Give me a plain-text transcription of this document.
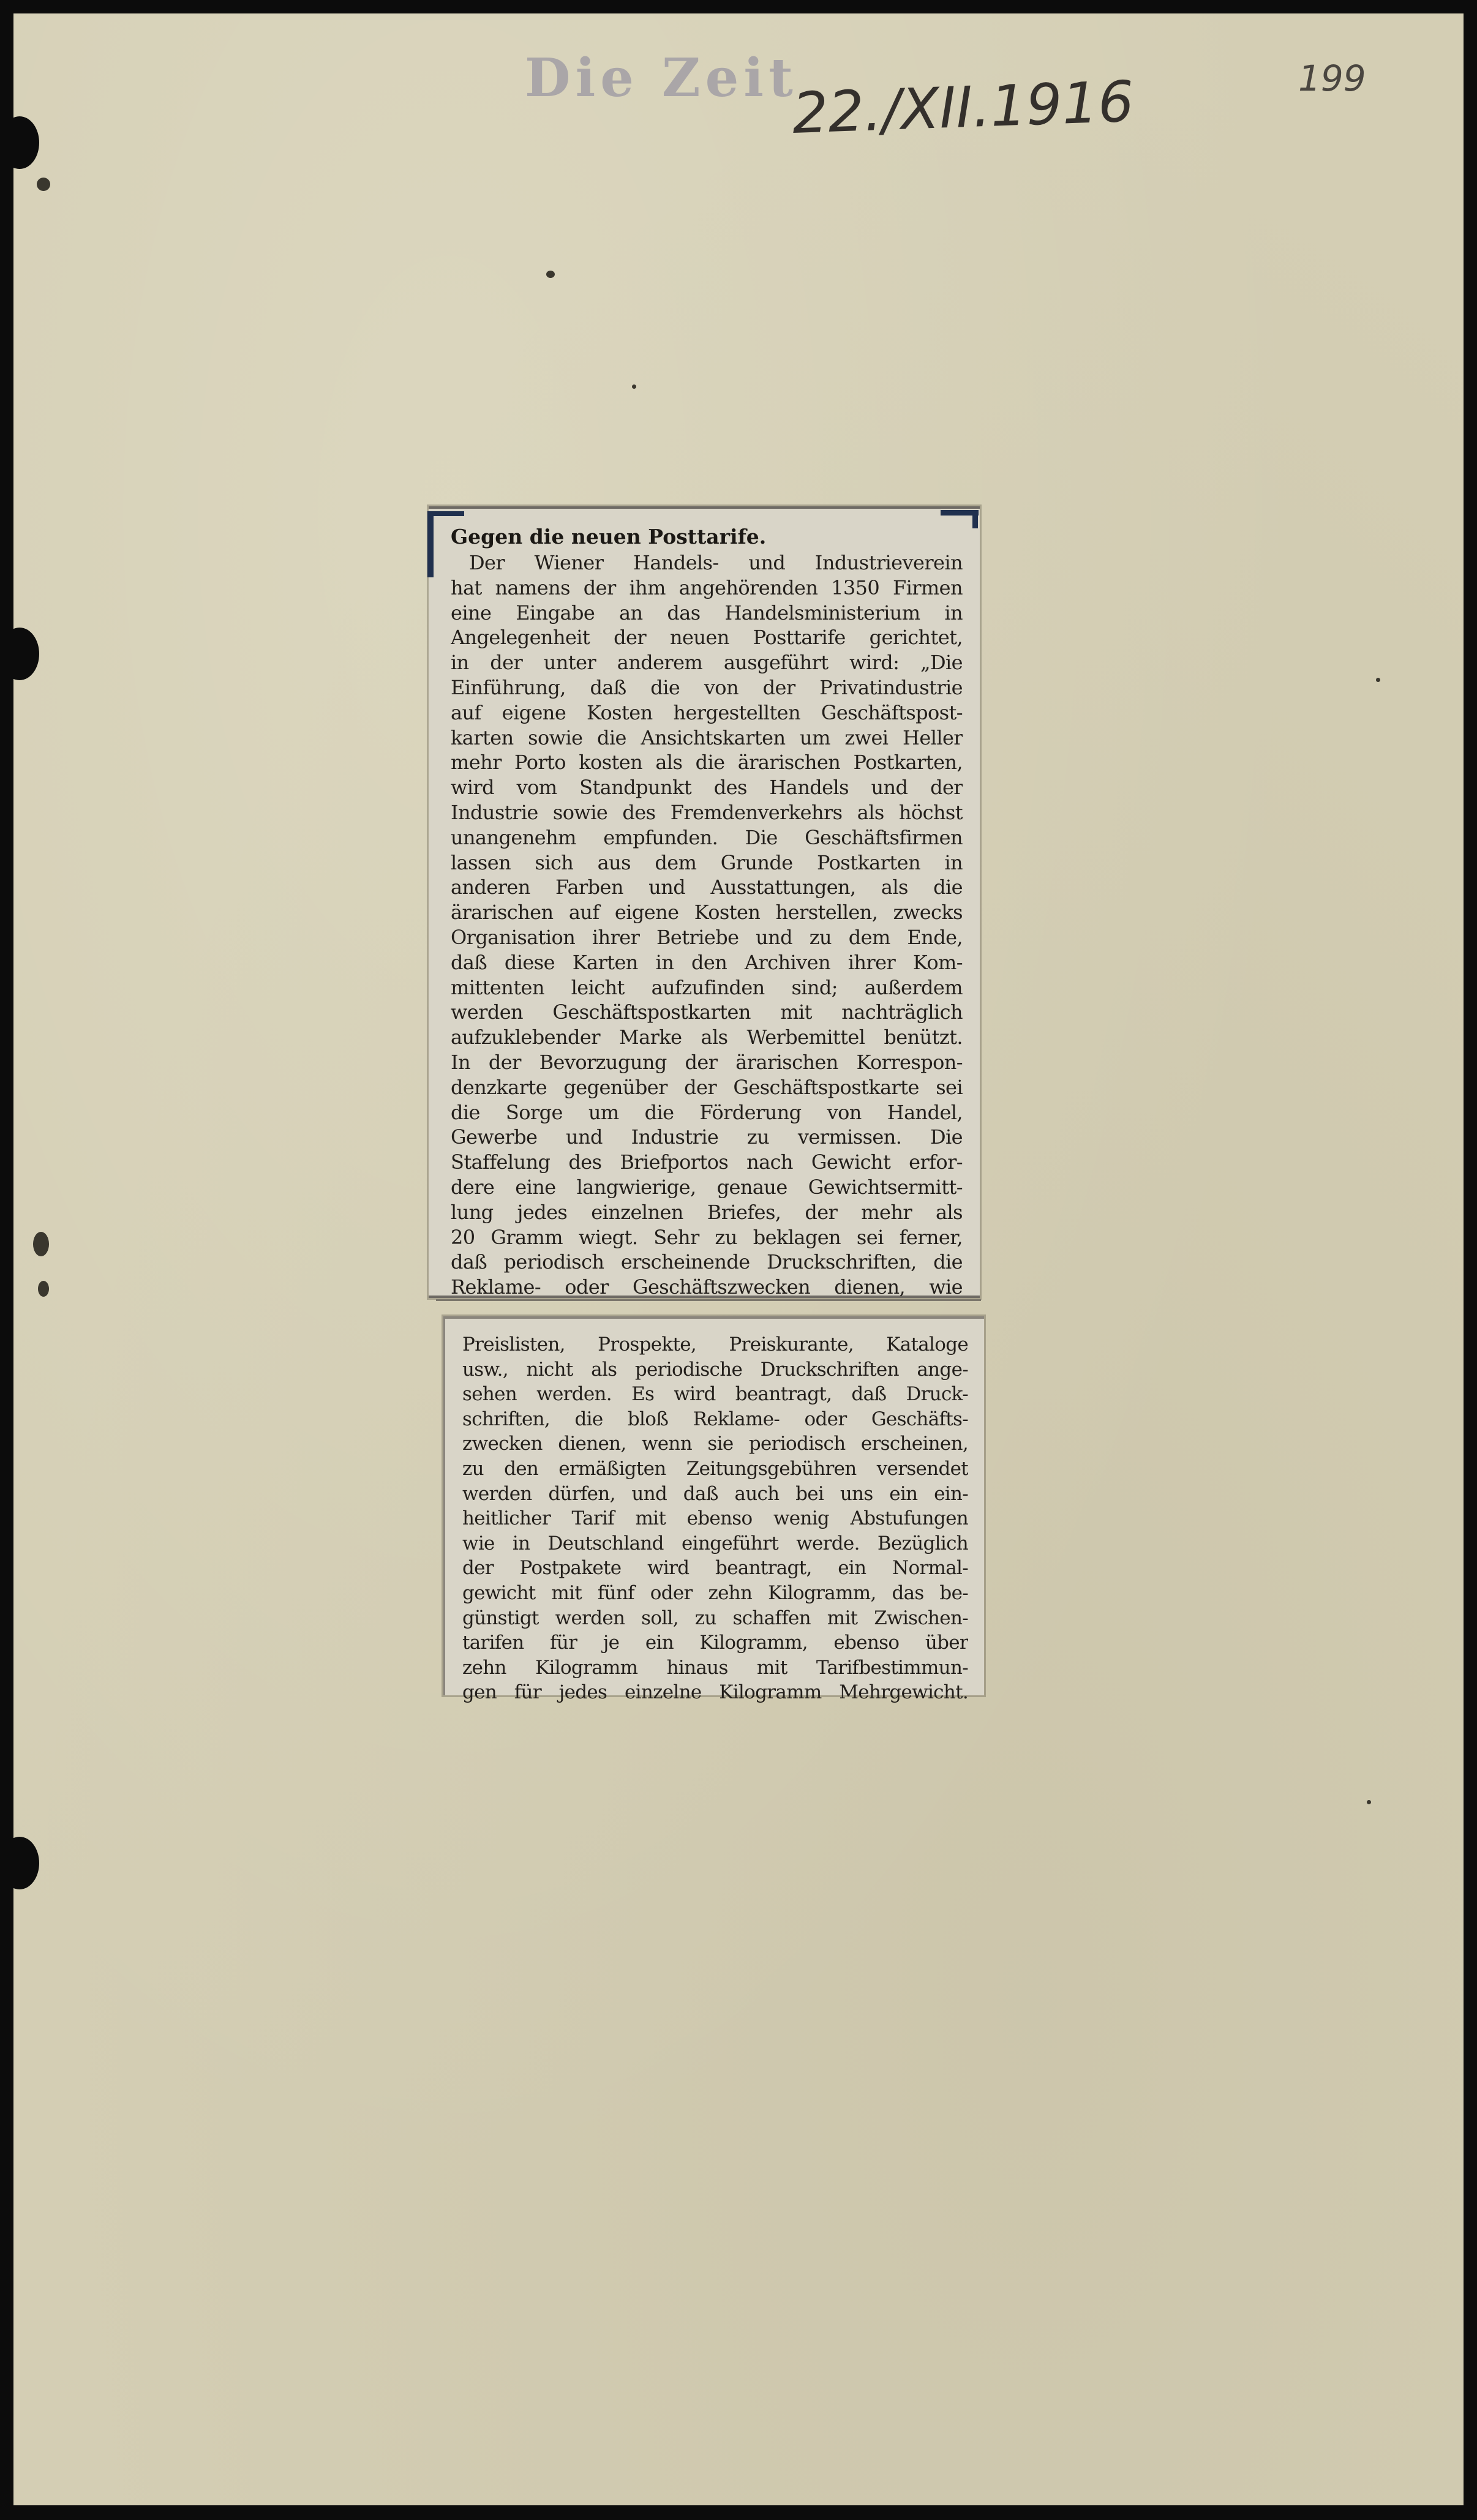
Die Zeit
22./XII.1916	199
Gegen die neuen Posttarife.
Der Wiener Handels- und Industrieverein
hat namens der ihm angehörenden 1350 Firmen
eine Eingabe an das Handelsministerium in
Angelegenheit der neuen Posttarife gerichtet,
in der unter anderem ausgeführt wird: „Die
Einführung, daß die von der Privatindustrie
auf eigene Kosten hergestellten Geschäftspost-
karten sowie die Ansichtskarten um zwei Heller
mehr Porto kosten als die ärarischen Postkarten,
wird vom Standpunkt des Handels und der
Industrie sowie des Fremdenverkehrs als höchst
unangenehm empfunden. Die Geschäftsfirmen
lassen sich aus dem Grunde Postkarten in
anderen Farben und Ausstattungen, als die
ärarischen auf eigene Kosten herstellen, zwecks
Organisation ihrer Betriebe und zu dem Ende,
daß diese Karten in den Archiven ihrer Kom-
mittenten leicht aufzufinden sind; außerdem
werden Geschäftspostkarten mit nachträglich
aufzuklebender Marke als Werbemittel benützt.
In der Bevorzugung der ärarischen Korrespon-
denzkarte gegenüber der Geschäftspostkarte sei
die Sorge um die Förderung von Handel,
Gewerbe und Industrie zu vermissen. Die
Staffelung des Briefportos nach Gewicht erfor-
dere eine langwierige, genaue Gewichtsermitt-
lung jedes einzelnen Briefes, der mehr als
20 Gramm wiegt. Sehr zu beklagen sei ferner,
daß periodisch erscheinende Druckschriften, die
Reklame- oder Geschäftszwecken dienen, wie
Preislisten, Prospekte, Preiskurante, Kataloge
usw., nicht als periodische Druckschriften ange-
sehen werden. Es wird beantragt, daß Druck-
schriften, die bloß Reklame- oder Geschäfts-
zwecken dienen, wenn sie periodisch erscheinen,
zu den ermäßigten Zeitungsgebühren versendet
werden dürfen, und daß auch bei uns ein ein-
heitlicher Tarif mit ebenso wenig Abstufungen
wie in Deutschland eingeführt werde. Bezüglich
der Postpakete wird beantragt, ein Normal-
gewicht mit fünf oder zehn Kilogramm, das be-
günstigt werden soll, zu schaffen mit Zwischen-
tarifen für je ein Kilogramm, ebenso über
zehn Kilogramm hinaus mit Tarifbestimmun-
gen für jedes einzelne Kilogramm Mehrgewicht.
